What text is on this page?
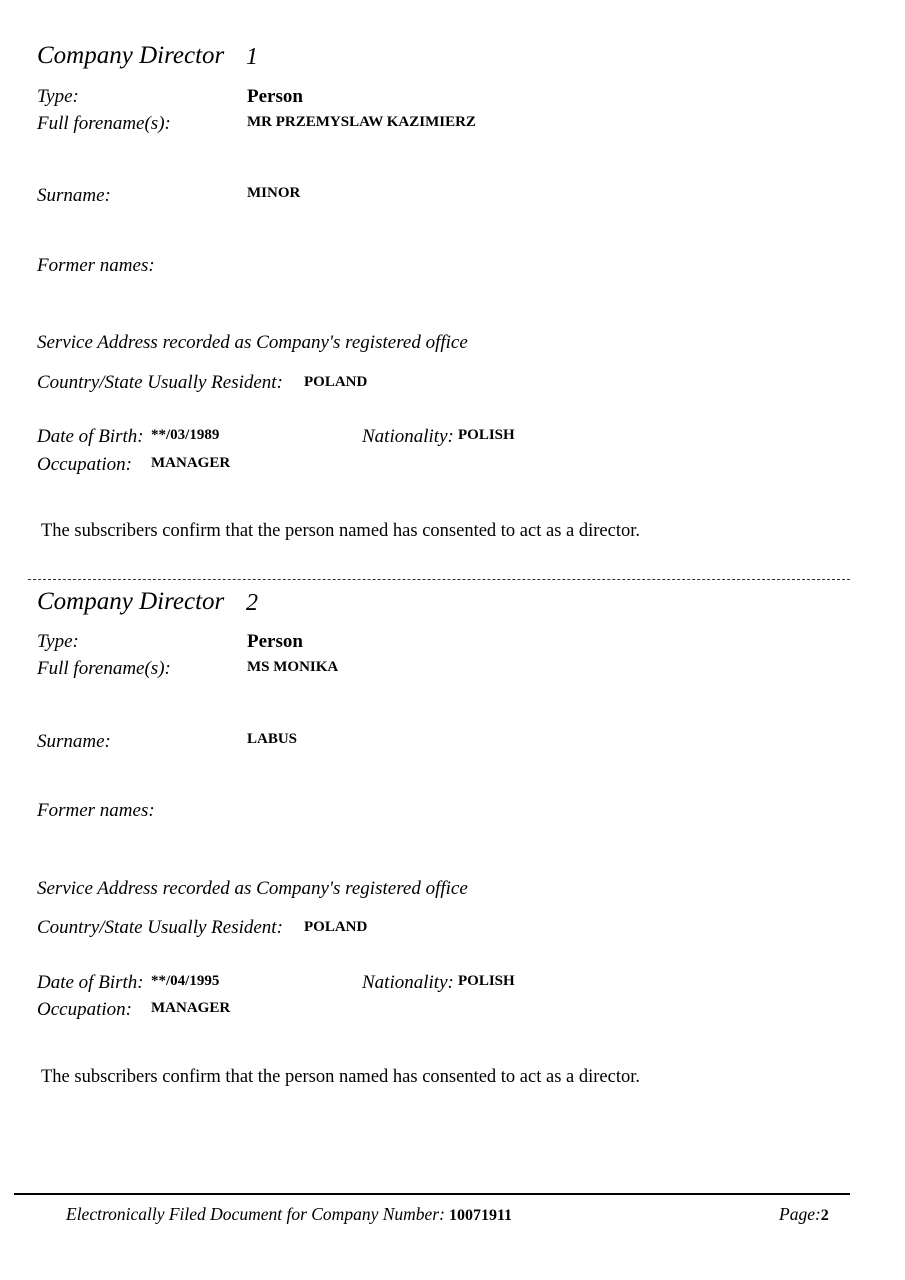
Company Director 1
Type:	Person
Full forename(s):	MR PRZEMYSLAW KAZIMIERZ
Surname:	MINOR
Former names:
Service Address recorded as Company's registered office
Country/State Usually Resident: POLAND
Date of Birth: **/03/1989	Nationality: POLISH
Occupation: MANAGER
The subscribers confirm that the person named has consented to act as a director.
Company Director 2
Type:	Person
Full forename(s):	MS MONIKA
Surname:	LABUS
Former names:
Service Address recorded as Company's registered office
Country/State Usually Resident: POLAND
Date of Birth: **/04/1995	Nationality: POLISH
Occupation: MANAGER
The subscribers confirm that the person named has consented to act as a director.
Electronically Filed Document for Company Number: 10071911	Page:2
